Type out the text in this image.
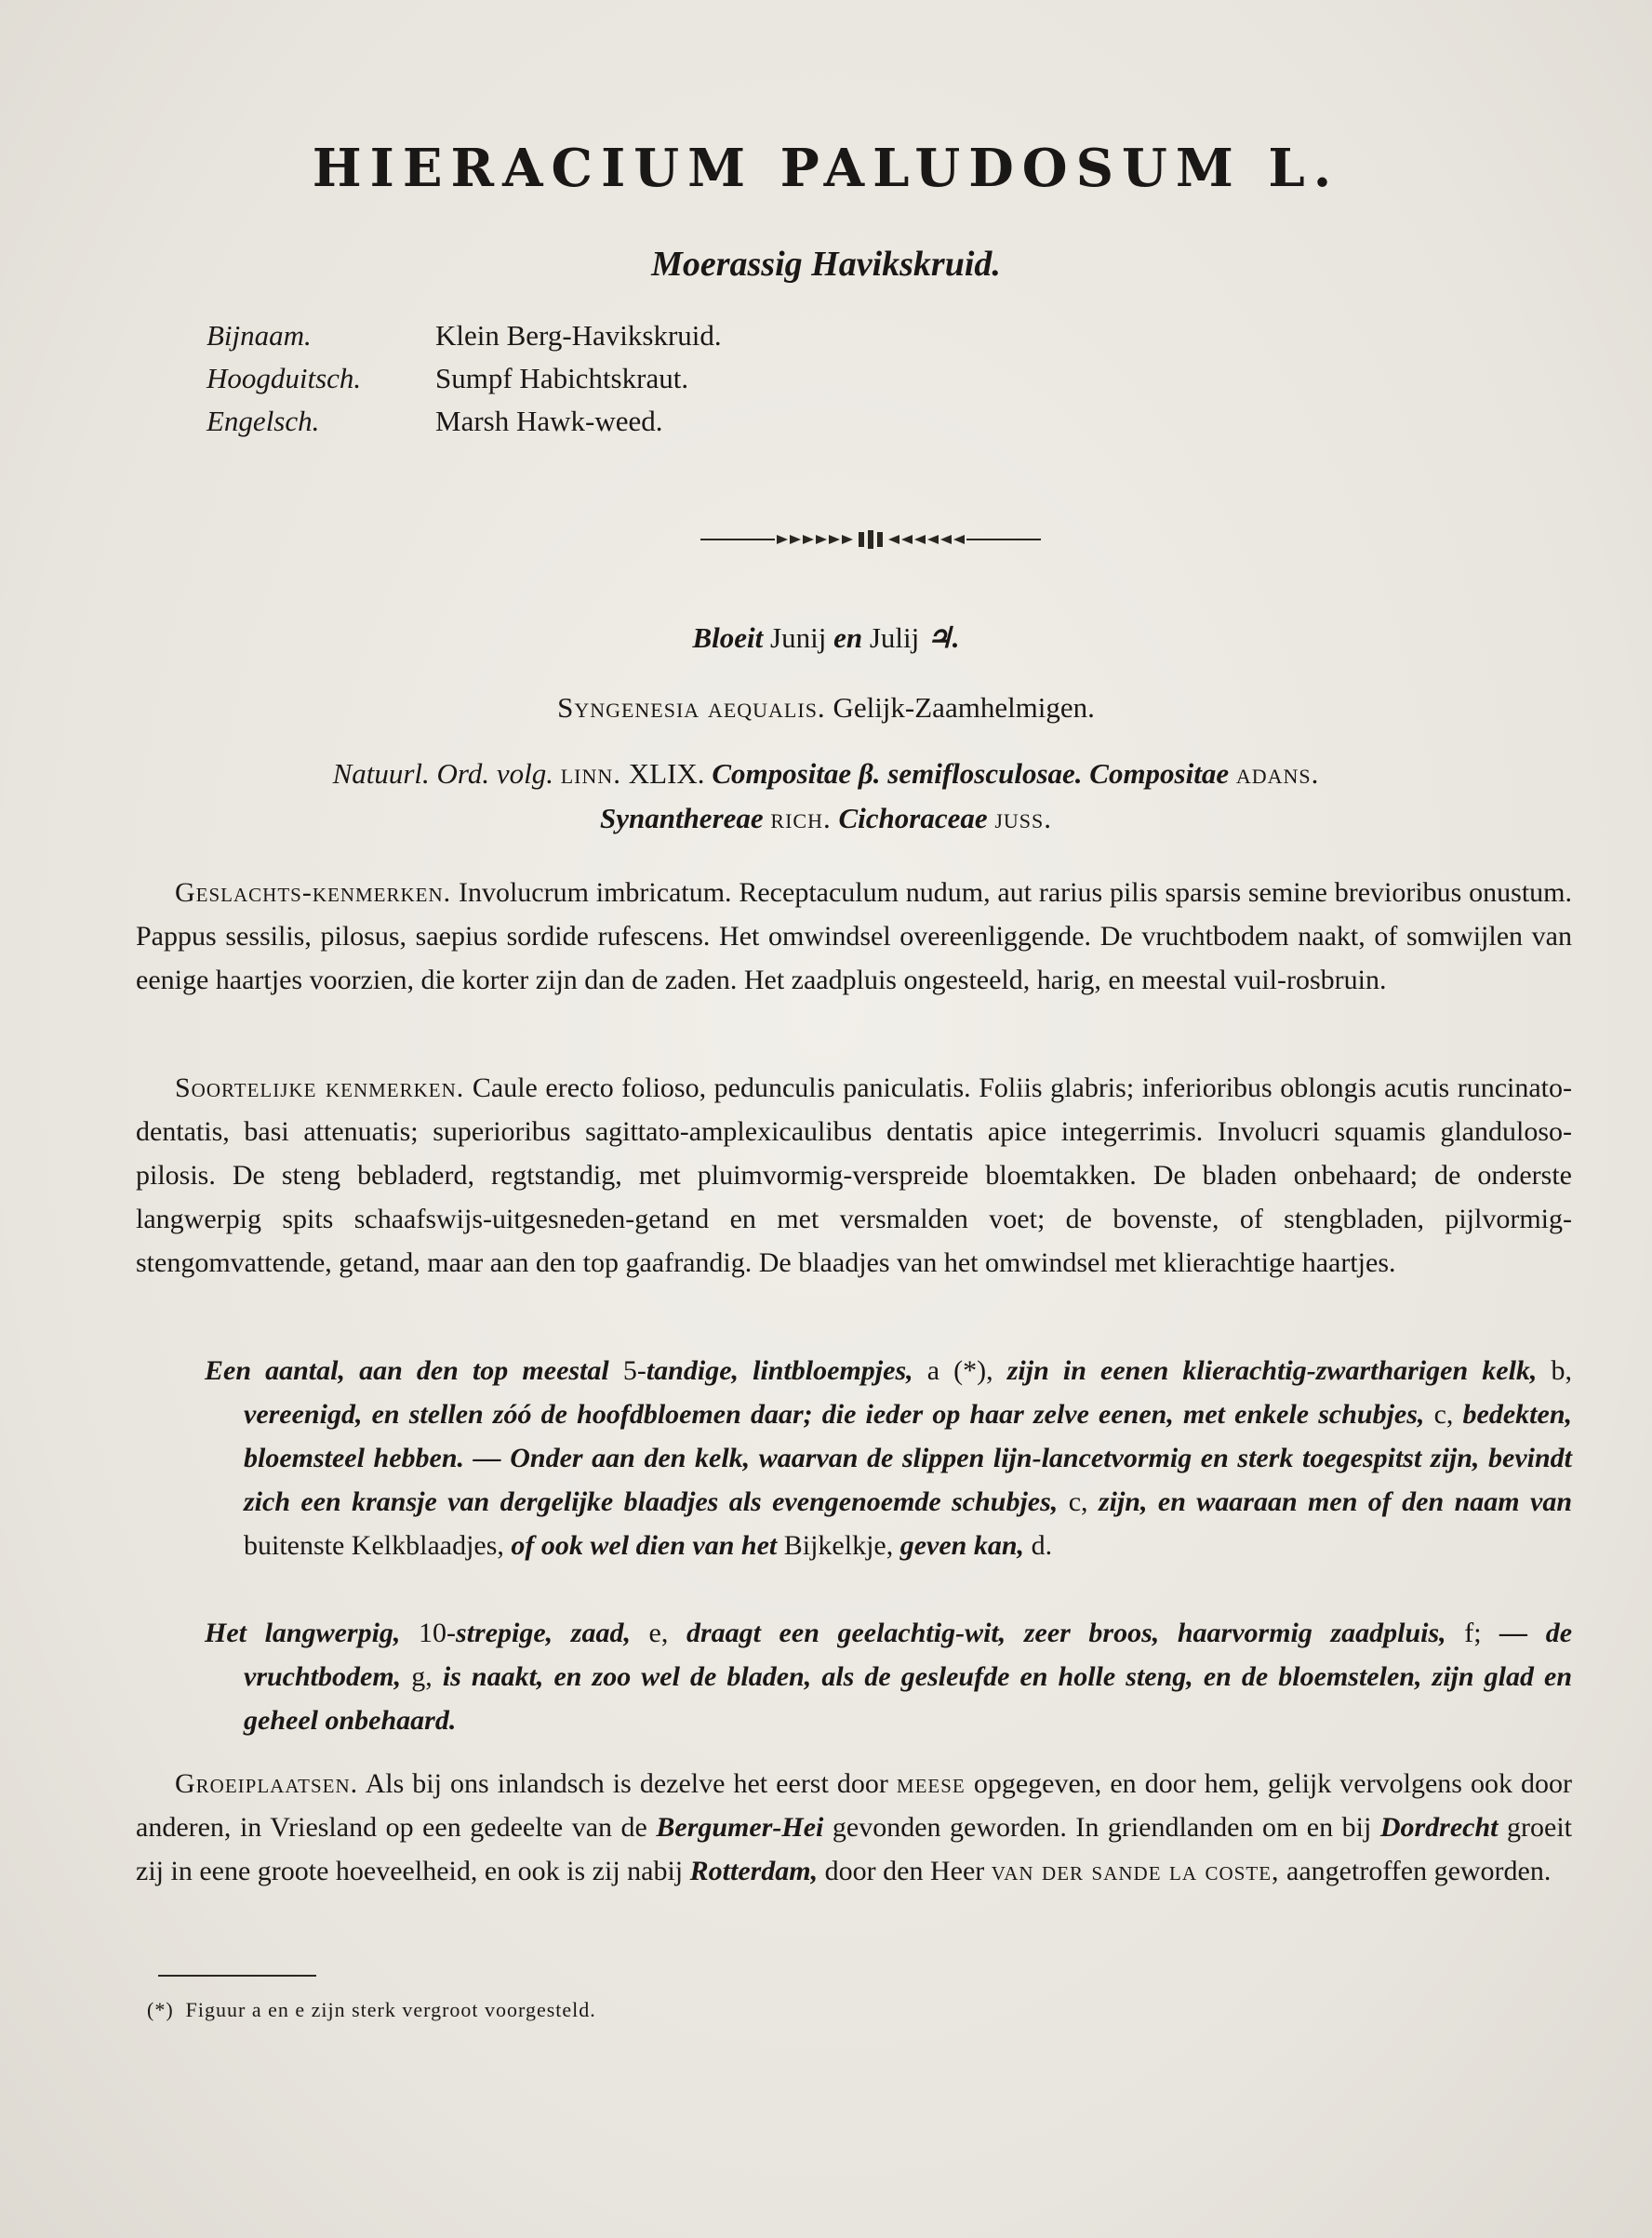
HIERACIUM PALUDOSUM L.
Moerassig Havikskruid.
Bijnaam.	Klein Berg-Havikskruid.
Hoogduitsch.	Sumpf Habichtskraut.
Engelsch.	Marsh Hawk-weed.
Bloeit Junij en Julij ♃.
Syngenesia aequalis. Gelijk-Zaamhelmigen.
Natuurl. Ord. volg. linn. XLIX. Compositae β. semiflosculosae. Compositae adans.
Synanthereae rich. Cichoraceae juss.

Geslachts-kenmerken. Involucrum imbricatum. Receptaculum nudum, aut rarius pilis sparsis semine brevioribus onustum. Pappus sessilis, pilosus, saepius sordide rufescens. Het omwindsel overeenliggende. De vruchtbodem naakt, of somwijlen van eenige haartjes voorzien, die korter zijn dan de zaden. Het zaadpluis ongesteeld, harig, en meestal vuil-rosbruin.

Soortelijke kenmerken. Caule erecto folioso, pedunculis paniculatis. Foliis glabris; inferioribus oblongis acutis runcinato-dentatis, basi attenuatis; superioribus sagittato-amplexicaulibus dentatis apice integerrimis. Involucri squamis glanduloso-pilosis. De steng bebladerd, regtstandig, met pluimvormig-verspreide bloemtakken. De bladen onbehaard; de onderste langwerpig spits schaafswijs-uitgesneden-getand en met versmalden voet; de bovenste, of stengbladen, pijlvormig-stengomvattende, getand, maar aan den top gaafrandig. De blaadjes van het omwindsel met klierachtige haartjes.

Een aantal, aan den top meestal 5-tandige, lintbloempjes, a (*), zijn in eenen klierachtig-zwartharigen kelk, b, vereenigd, en stellen zóó de hoofdbloemen daar; die ieder op haar zelve eenen, met enkele schubjes, c, bedekten, bloemsteel hebben. — Onder aan den kelk, waarvan de slippen lijn-lancetvormig en sterk toegespitst zijn, bevindt zich een kransje van dergelijke blaadjes als evengenoemde schubjes, c, zijn, en waaraan men of den naam van buitenste Kelkblaadjes, of ook wel dien van het Bijkelkje, geven kan, d.

Het langwerpig, 10-strepige, zaad, e, draagt een geelachtig-wit, zeer broos, haarvormig zaadpluis, f; — de vruchtbodem, g, is naakt, en zoo wel de bladen, als de gesleufde en holle steng, en de bloemstelen, zijn glad en geheel onbehaard.

Groeiplaatsen. Als bij ons inlandsch is dezelve het eerst door meese opgegeven, en door hem, gelijk vervolgens ook door anderen, in Vriesland op een gedeelte van de Bergumer-Hei gevonden geworden. In griendlanden om en bij Dordrecht groeit zij in eene groote hoeveelheid, en ook is zij nabij Rotterdam, door den Heer van der sande la coste, aangetroffen geworden.

(*) Figuur a en e zijn sterk vergroot voorgesteld.
